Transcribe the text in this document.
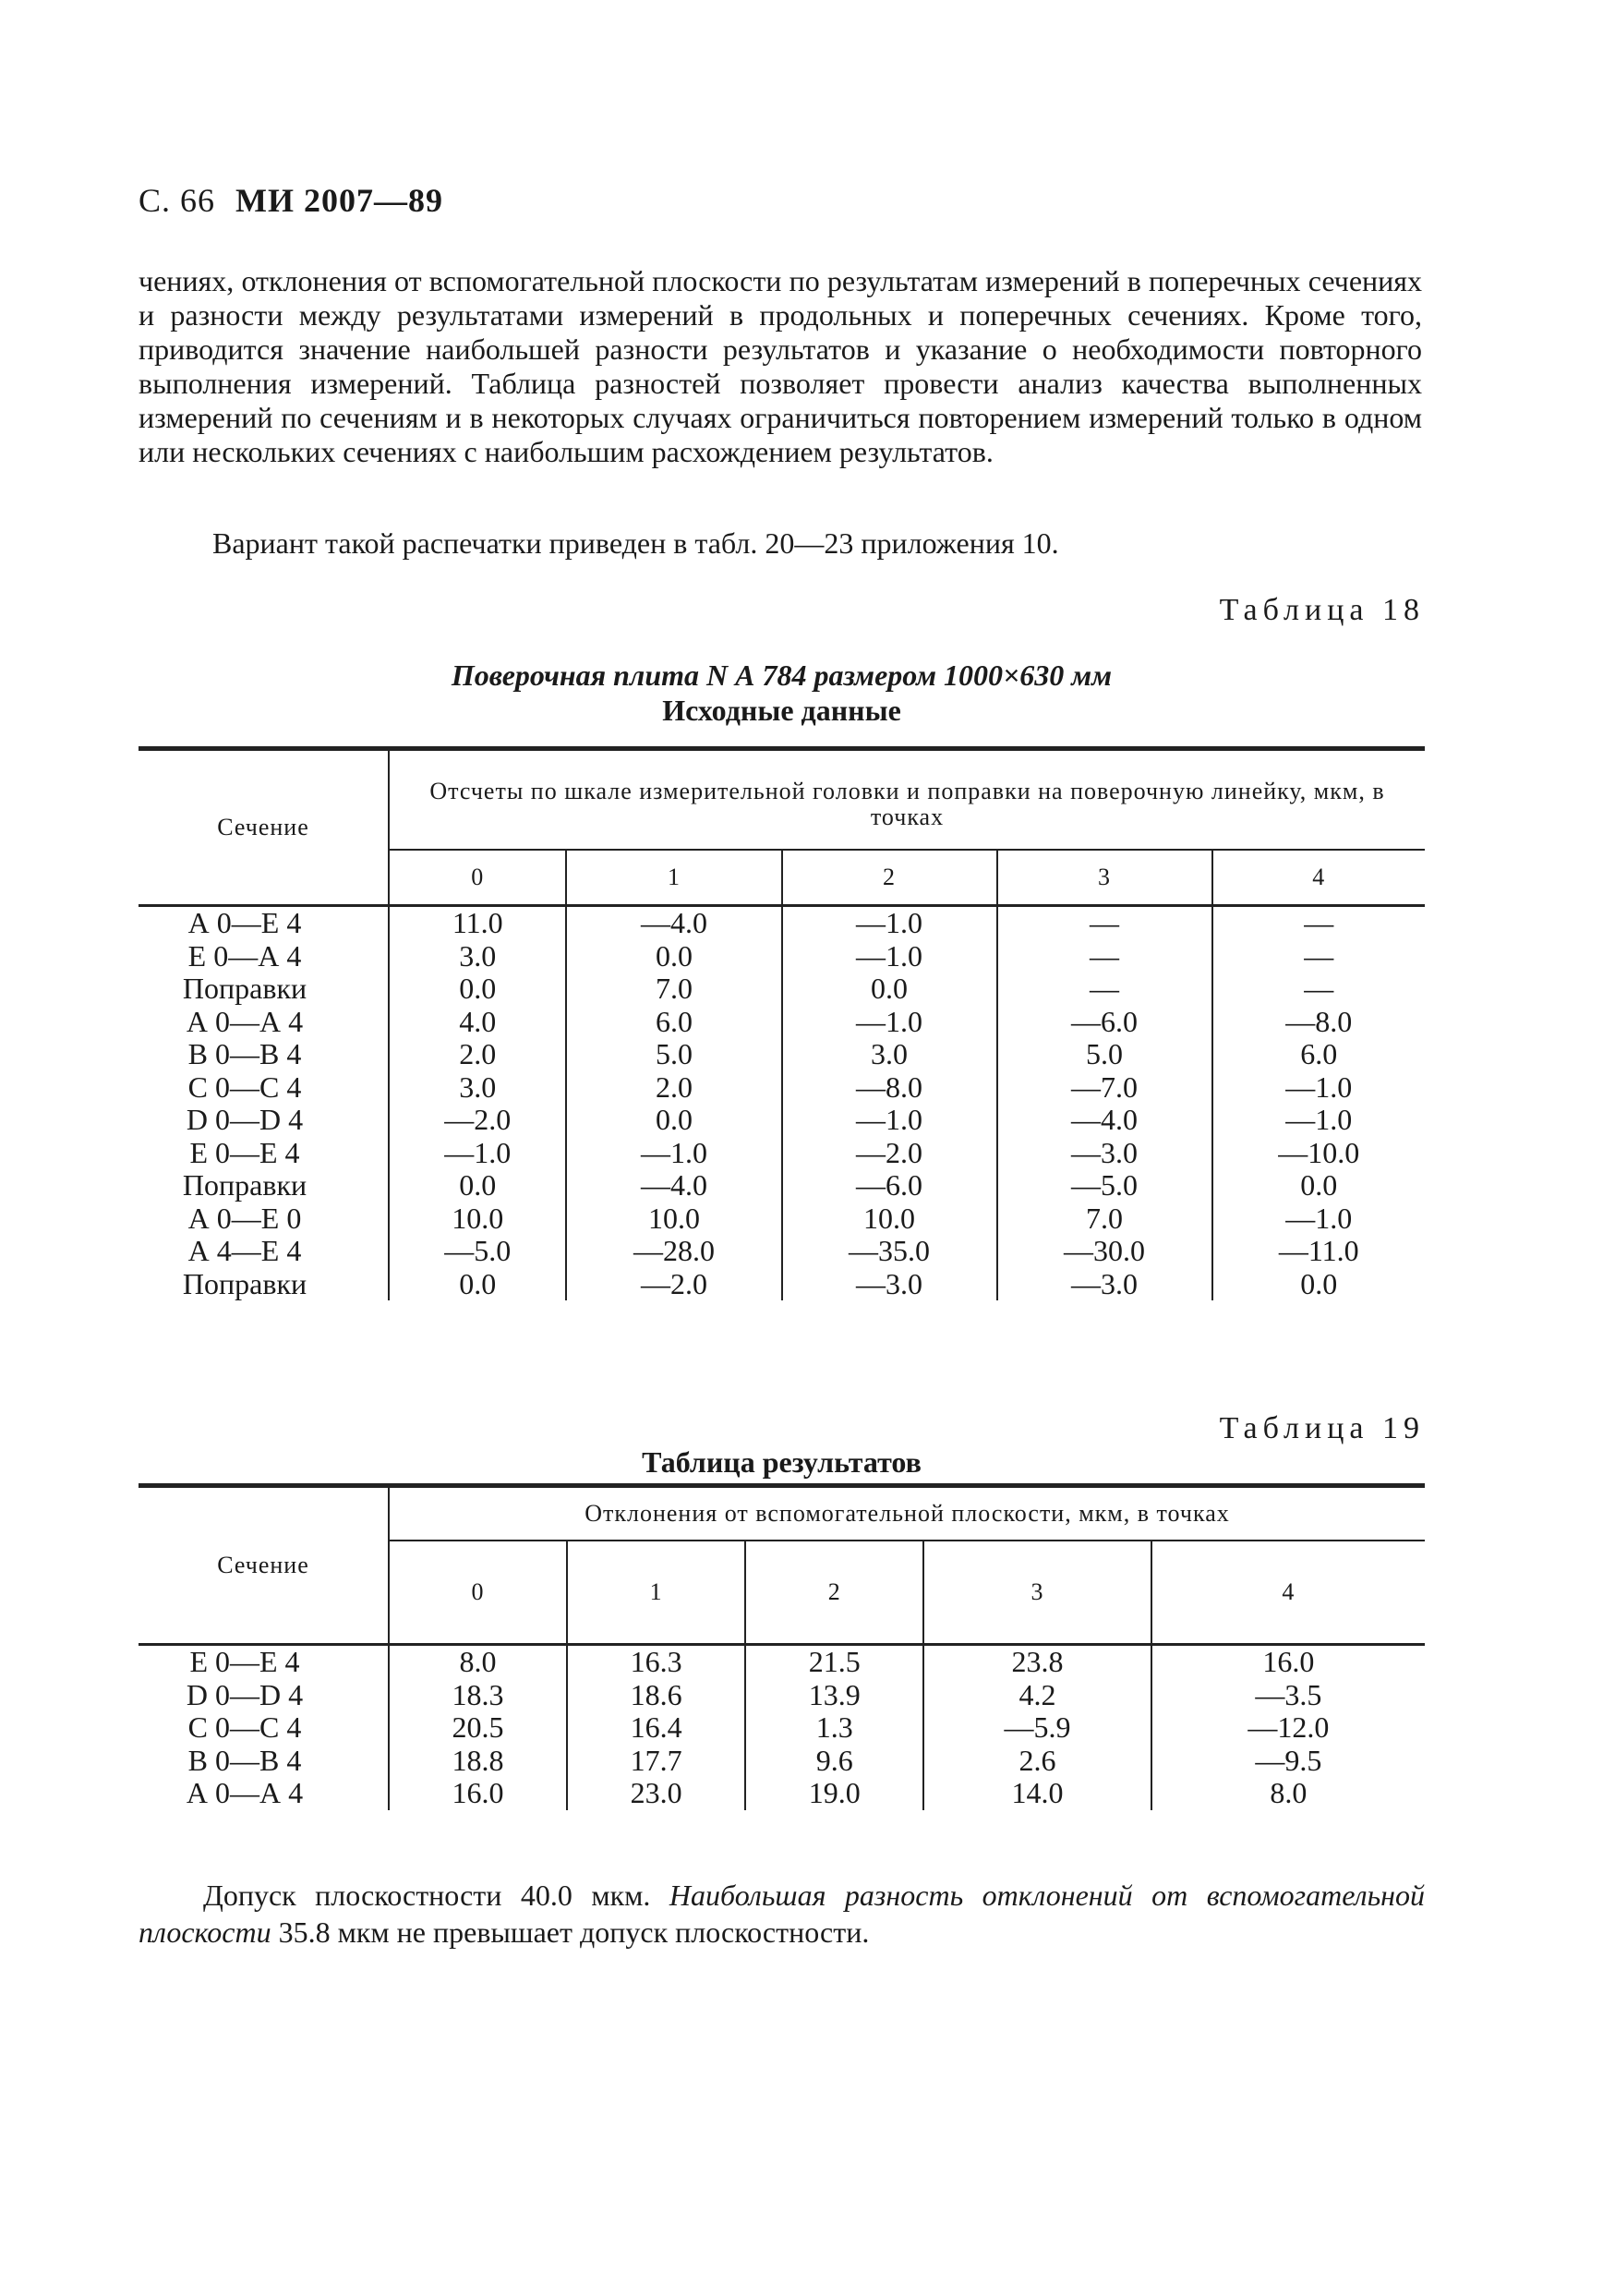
С. 66 МИ 2007—89
чениях, отклонения от вспомогательной плоскости по результатам измерений в поперечных сечениях и разности между результатами измерений в продольных и поперечных сечениях. Кроме того, приводится значение наибольшей разности результатов и указание о необходимости повторного выполнения измерений. Таблица разностей позволяет провести анализ качества выполненных измерений по сечениям и в некоторых случаях ограничиться повторением измерений только в одном или нескольких сечениях с наибольшим расхождением результатов.
Вариант такой распечатки приведен в табл. 20—23 приложения 10.
Таблица 18
Поверочная плита N А 784 размером 1000×630 мм
Исходные данные
Сечение	Отсчеты по шкале измерительной головки и поправки на поверочную линейку, мкм, в точках				
	0	1	2	3	4
А 0—Е 4	11.0	—4.0	—1.0	—	—
Е 0—А 4	3.0	0.0	—1.0	—	—
Поправки	0.0	7.0	0.0	—	—
А 0—А 4	4.0	6.0	—1.0	—6.0	—8.0
В 0—В 4	2.0	5.0	3.0	5.0	6.0
С 0—С 4	3.0	2.0	—8.0	—7.0	—1.0
D 0—D 4	—2.0	0.0	—1.0	—4.0	—1.0
Е 0—Е 4	—1.0	—1.0	—2.0	—3.0	—10.0
Поправки	0.0	—4.0	—6.0	—5.0	0.0
А 0—Е 0	10.0	10.0	10.0	7.0	—1.0
А 4—Е 4	—5.0	—28.0	—35.0	—30.0	—11.0
Поправки	0.0	—2.0	—3.0	—3.0	0.0
Таблица 19
Таблица результатов
Сечение	Отклонения от вспомогательной плоскости, мкм, в точках				
	0	1	2	3	4
Е 0—Е 4	8.0	16.3	21.5	23.8	16.0
D 0—D 4	18.3	18.6	13.9	4.2	—3.5
С 0—С 4	20.5	16.4	1.3	—5.9	—12.0
В 0—В 4	18.8	17.7	9.6	2.6	—9.5
А 0—А 4	16.0	23.0	19.0	14.0	8.0
Допуск плоскостности 40.0 мкм. Наибольшая разность отклонений от вспомогательной плоскости 35.8 мкм не превышает допуск плоскостности.
